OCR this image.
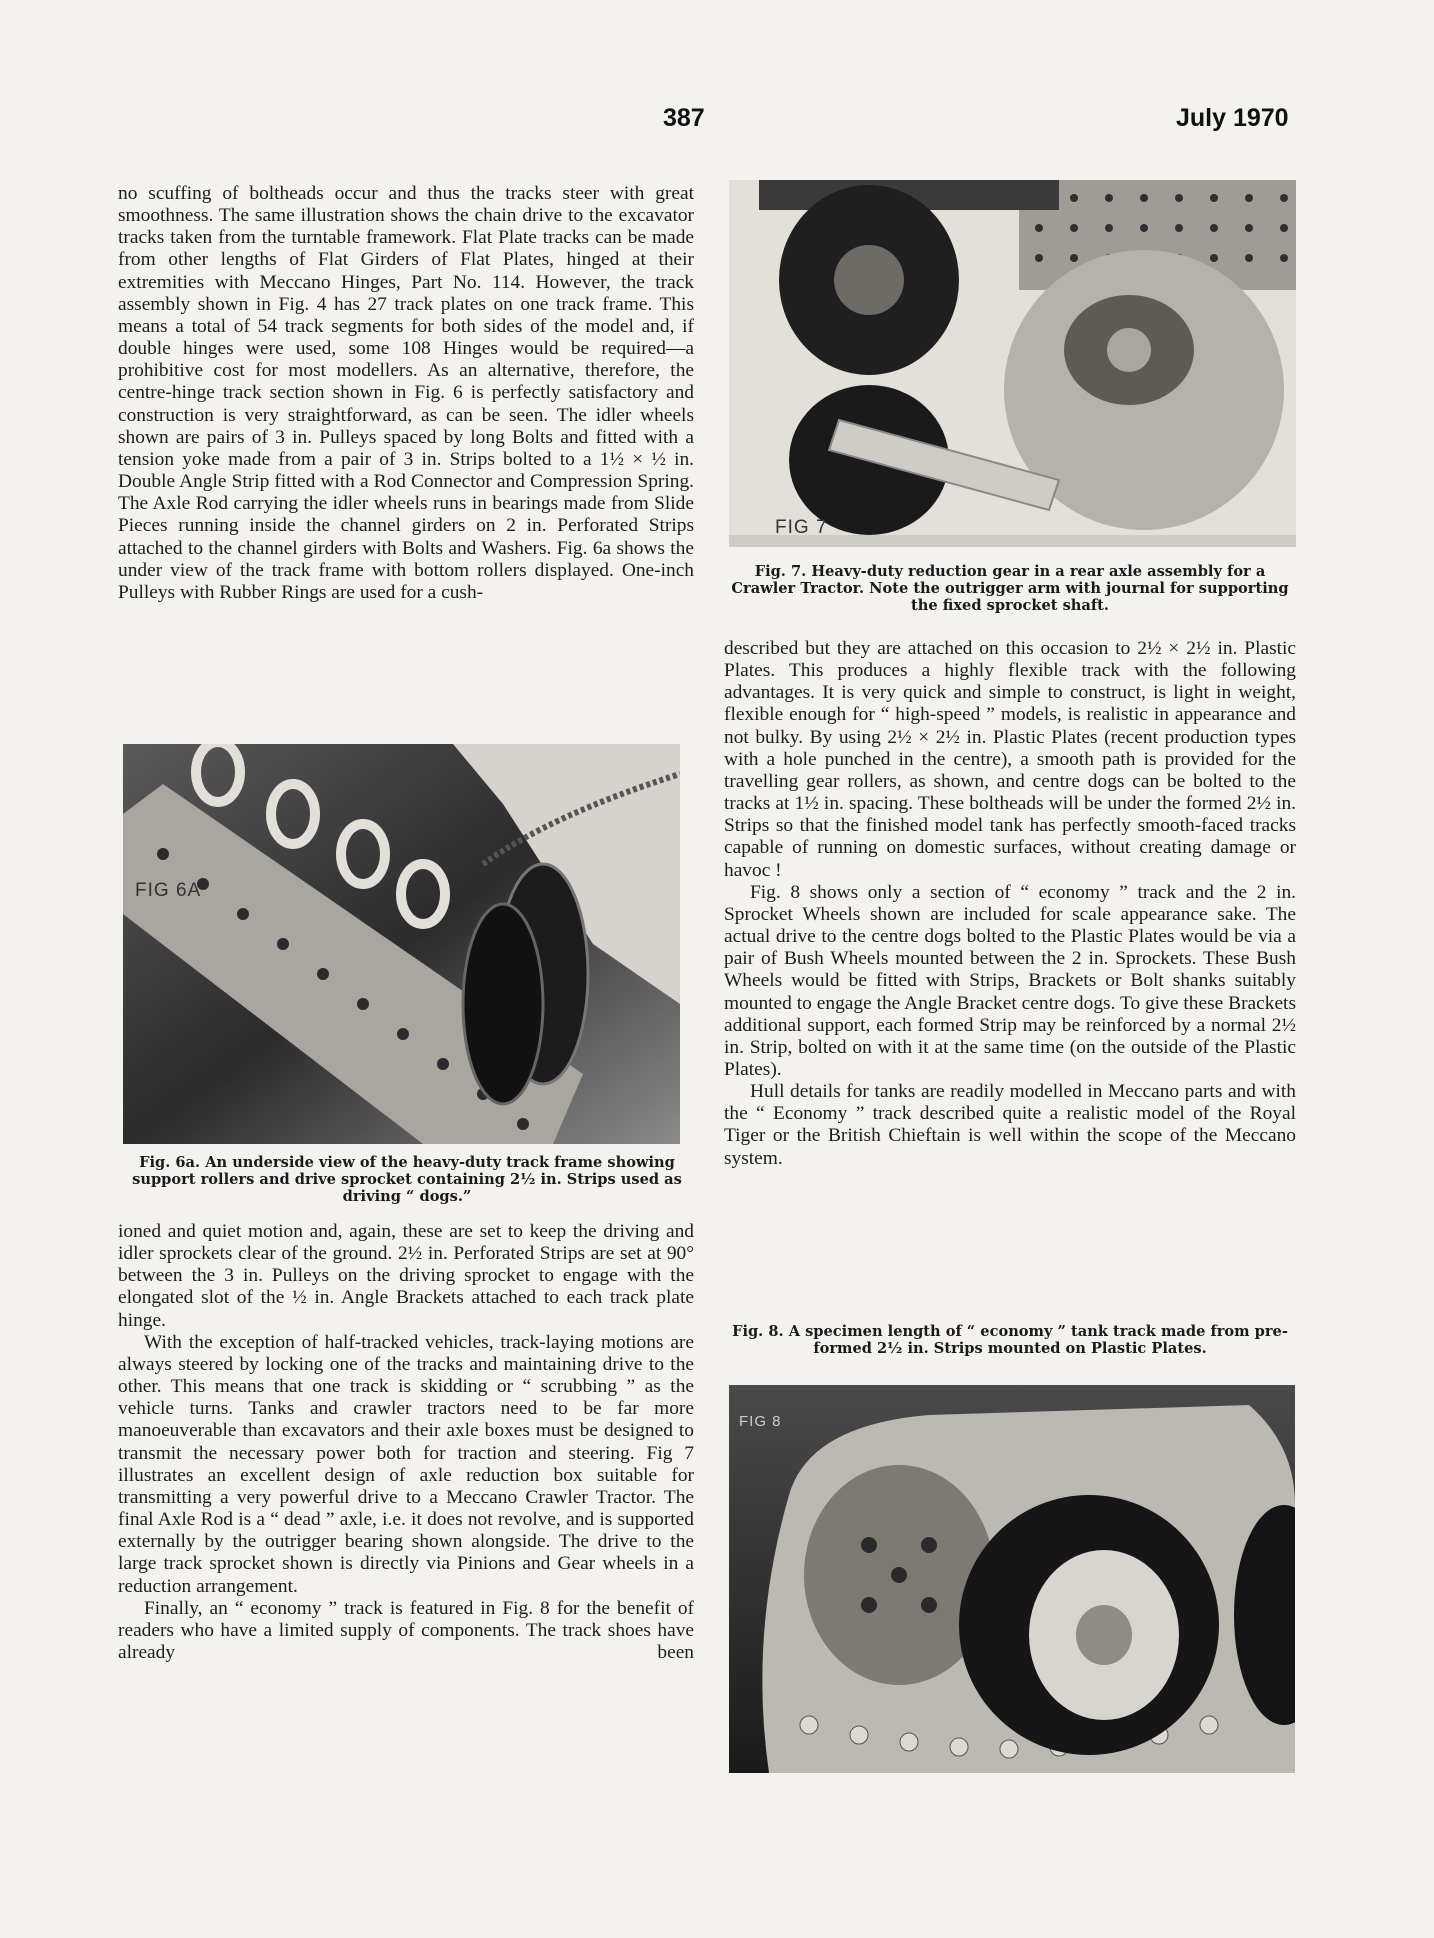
387	July 1970

no scuffing of boltheads occur and thus the tracks steer with great smoothness. The same illustration shows the chain drive to the excavator tracks taken from the turntable framework. Flat Plate tracks can be made from other lengths of Flat Girders of Flat Plates, hinged at their extremities with Meccano Hinges, Part No. 114. However, the track assembly shown in Fig. 4 has 27 track plates on one track frame. This means a total of 54 track segments for both sides of the model and, if double hinges were used, some 108 Hinges would be required—a prohibitive cost for most modellers. As an alternative, therefore, the centre-hinge track section shown in Fig. 6 is perfectly satisfactory and construction is very straightforward, as can be seen. The idler wheels shown are pairs of 3 in. Pulleys spaced by long Bolts and fitted with a tension yoke made from a pair of 3 in. Strips bolted to a 1½ × ½ in. Double Angle Strip fitted with a Rod Connector and Compression Spring. The Axle Rod carrying the idler wheels runs in bearings made from Slide Pieces running inside the channel girders on 2 in. Perforated Strips attached to the channel girders with Bolts and Washers. Fig. 6a shows the under view of the track frame with bottom rollers displayed. One-inch Pulleys with Rubber Rings are used for a cush-

FIG 6A

Fig. 6a. An underside view of the heavy-duty track frame showing support rollers and drive sprocket containing 2½ in. Strips used as driving “ dogs.”

ioned and quiet motion and, again, these are set to keep the driving and idler sprockets clear of the ground. 2½ in. Perforated Strips are set at 90° between the 3 in. Pulleys on the driving sprocket to engage with the elongated slot of the ½ in. Angle Brackets attached to each track plate hinge.

With the exception of half-tracked vehicles, track-laying motions are always steered by locking one of the tracks and maintaining drive to the other. This means that one track is skidding or “ scrubbing ” as the vehicle turns. Tanks and crawler tractors need to be far more manoeuverable than excavators and their axle boxes must be designed to transmit the necessary power both for traction and steering. Fig 7 illustrates an excellent design of axle reduction box suitable for transmitting a very powerful drive to a Meccano Crawler Tractor. The final Axle Rod is a “ dead ” axle, i.e. it does not revolve, and is supported externally by the outrigger bearing shown alongside. The drive to the large track sprocket shown is directly via Pinions and Gear wheels in a reduction arrangement.

Finally, an “ economy ” track is featured in Fig. 8 for the benefit of readers who have a limited supply of components. The track shoes have already been

FIG 7

Fig. 7. Heavy-duty reduction gear in a rear axle assembly for a Crawler Tractor. Note the outrigger arm with journal for supporting the fixed sprocket shaft.

described but they are attached on this occasion to 2½ × 2½ in. Plastic Plates. This produces a highly flexible track with the following advantages. It is very quick and simple to construct, is light in weight, flexible enough for “ high-speed ” models, is realistic in appearance and not bulky. By using 2½ × 2½ in. Plastic Plates (recent production types with a hole punched in the centre), a smooth path is provided for the travelling gear rollers, as shown, and centre dogs can be bolted to the tracks at 1½ in. spacing. These boltheads will be under the formed 2½ in. Strips so that the finished model tank has perfectly smooth-faced tracks capable of running on domestic surfaces, without creating damage or havoc !

Fig. 8 shows only a section of “ economy ” track and the 2 in. Sprocket Wheels shown are included for scale appearance sake. The actual drive to the centre dogs bolted to the Plastic Plates would be via a pair of Bush Wheels mounted between the 2 in. Sprockets. These Bush Wheels would be fitted with Strips, Brackets or Bolt shanks suitably mounted to engage the Angle Bracket centre dogs. To give these Brackets additional support, each formed Strip may be reinforced by a normal 2½ in. Strip, bolted on with it at the same time (on the outside of the Plastic Plates).

Hull details for tanks are readily modelled in Meccano parts and with the “ Economy ” track described quite a realistic model of the Royal Tiger or the British Chieftain is well within the scope of the Meccano system.

Fig. 8. A specimen length of “ economy ” tank track made from pre-formed 2½ in. Strips mounted on Plastic Plates.

FIG 8
